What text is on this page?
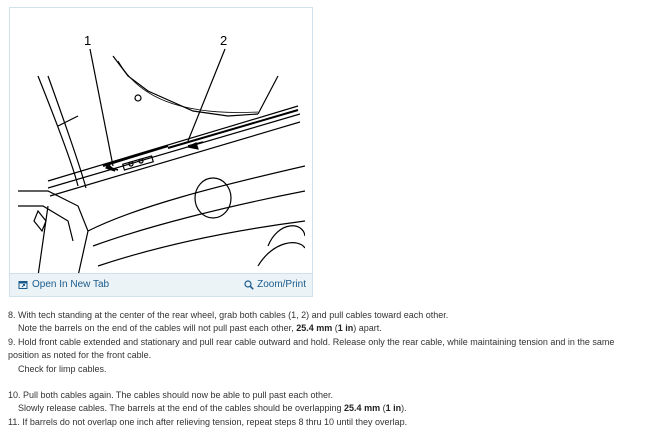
1	2
Open In New Tab	Zoom/Print

8. With tech standing at the center of the rear wheel, grab both cables (1, 2) and pull cables toward each other.

Note the barrels on the end of the cables will not pull past each other, 25.4 mm (1 in) apart.

9. Hold front cable extended and stationary and pull rear cable outward and hold. Release only the rear cable, while maintaining tension and in the same position as noted for the front cable.

Check for limp cables.

10. Pull both cables again. The cables should now be able to pull past each other.

Slowly release cables. The barrels at the end of the cables should be overlapping 25.4 mm (1 in).

11. If barrels do not overlap one inch after relieving tension, repeat steps 8 thru 10 until they overlap.
